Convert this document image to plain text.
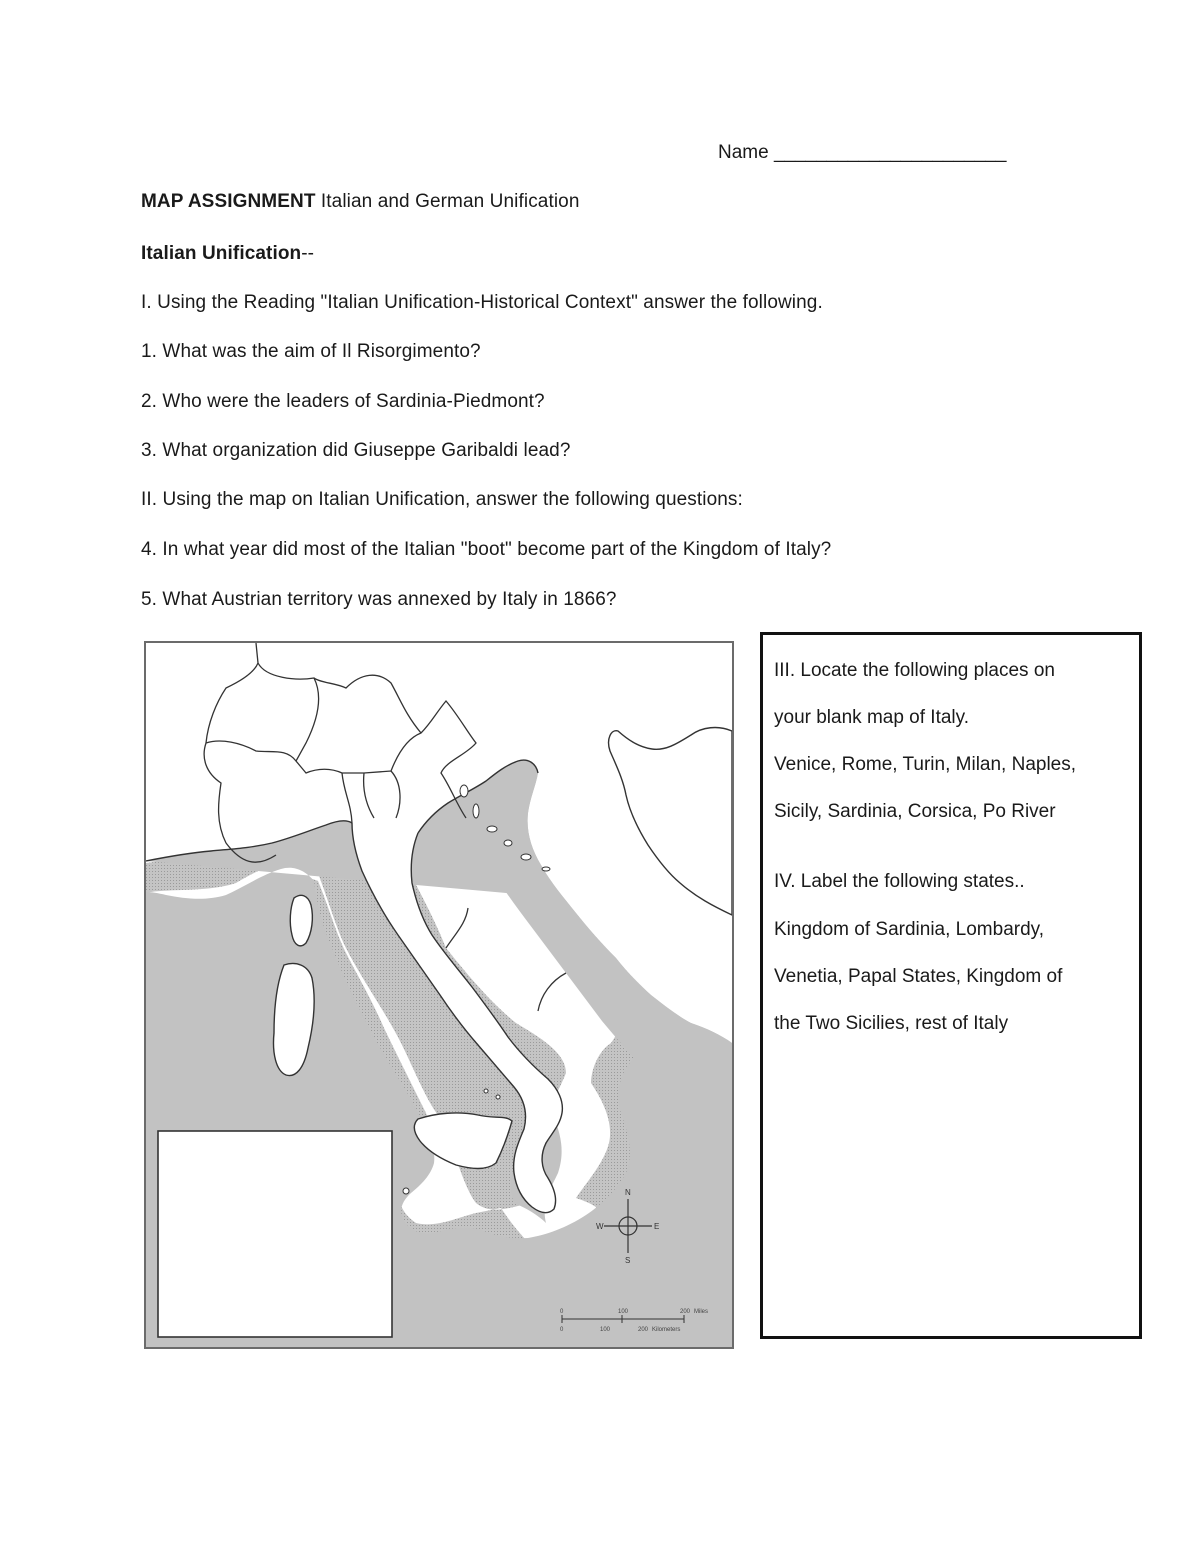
Name ______________________
MAP ASSIGNMENT Italian and German Unification
Italian Unification--
I. Using the Reading "Italian Unification-Historical Context" answer the following.
1. What was the aim of Il Risorgimento?
2. Who were the leaders of Sardinia-Piedmont?
3. What organization did Giuseppe Garibaldi lead?
II. Using the map on Italian Unification, answer the following questions:
4. In what year did most of the Italian "boot" become part of the Kingdom of Italy?
5. What Austrian territory was annexed by Italy in 1866?
N
S
E
W
0	100	200 Miles
0	100	200 Kilometers
III. Locate the following places on
your blank map of Italy.
Venice, Rome, Turin, Milan, Naples,
Sicily, Sardinia, Corsica, Po River
IV. Label the following states..
Kingdom of Sardinia, Lombardy,
Venetia, Papal States, Kingdom of
the Two Sicilies, rest of Italy
